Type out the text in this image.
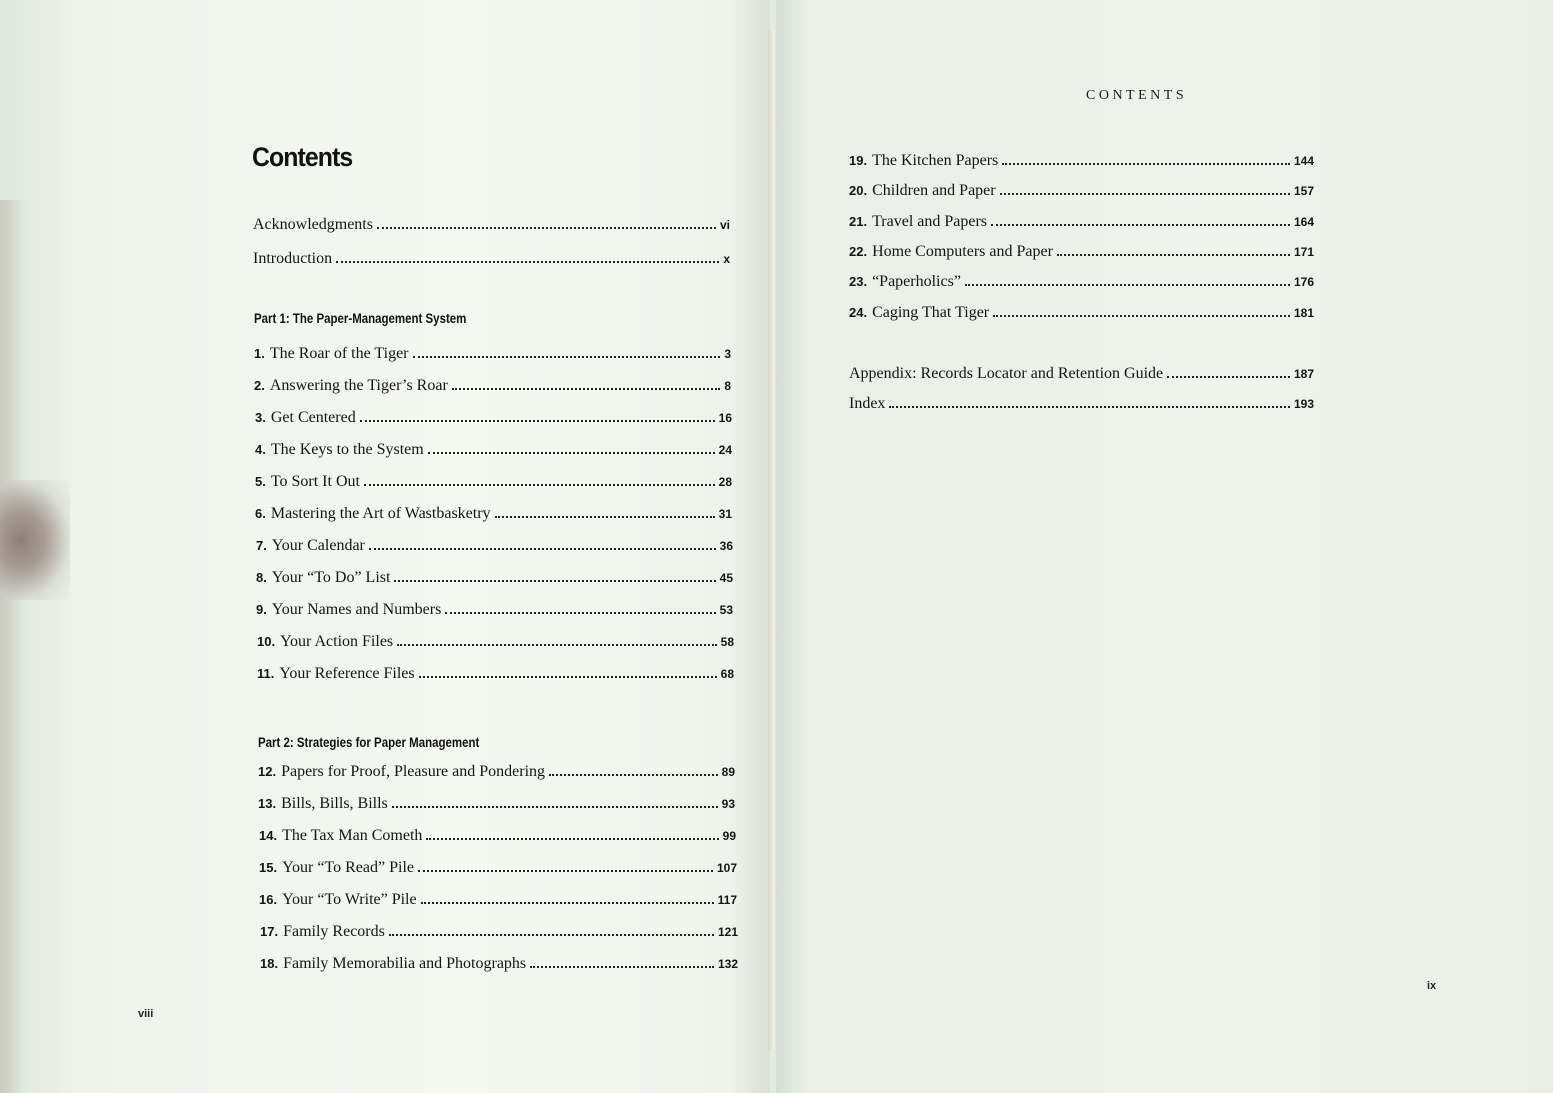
Contents
Acknowledgments	vi
Introduction	x
Part 1: The Paper-Management System
1. The Roar of the Tiger	3
2. Answering the Tiger’s Roar	8
3. Get Centered	16
4. The Keys to the System	24
5. To Sort It Out	28
6. Mastering the Art of Wastbasketry	31
7. Your Calendar	36
8. Your “To Do” List	45
9. Your Names and Numbers	53
10. Your Action Files	58
11. Your Reference Files	68
Part 2: Strategies for Paper Management
12. Papers for Proof, Pleasure and Pondering	89
13. Bills, Bills, Bills	93
14. The Tax Man Cometh	99
15. Your “To Read” Pile	107
16. Your “To Write” Pile	117
17. Family Records	121
18. Family Memorabilia and Photographs	132
viii
CONTENTS
19. The Kitchen Papers	144
20. Children and Paper	157
21. Travel and Papers	164
22. Home Computers and Paper	171
23. “Paperholics”	176
24. Caging That Tiger	181
Appendix: Records Locator and Retention Guide	187
Index	193
ix
